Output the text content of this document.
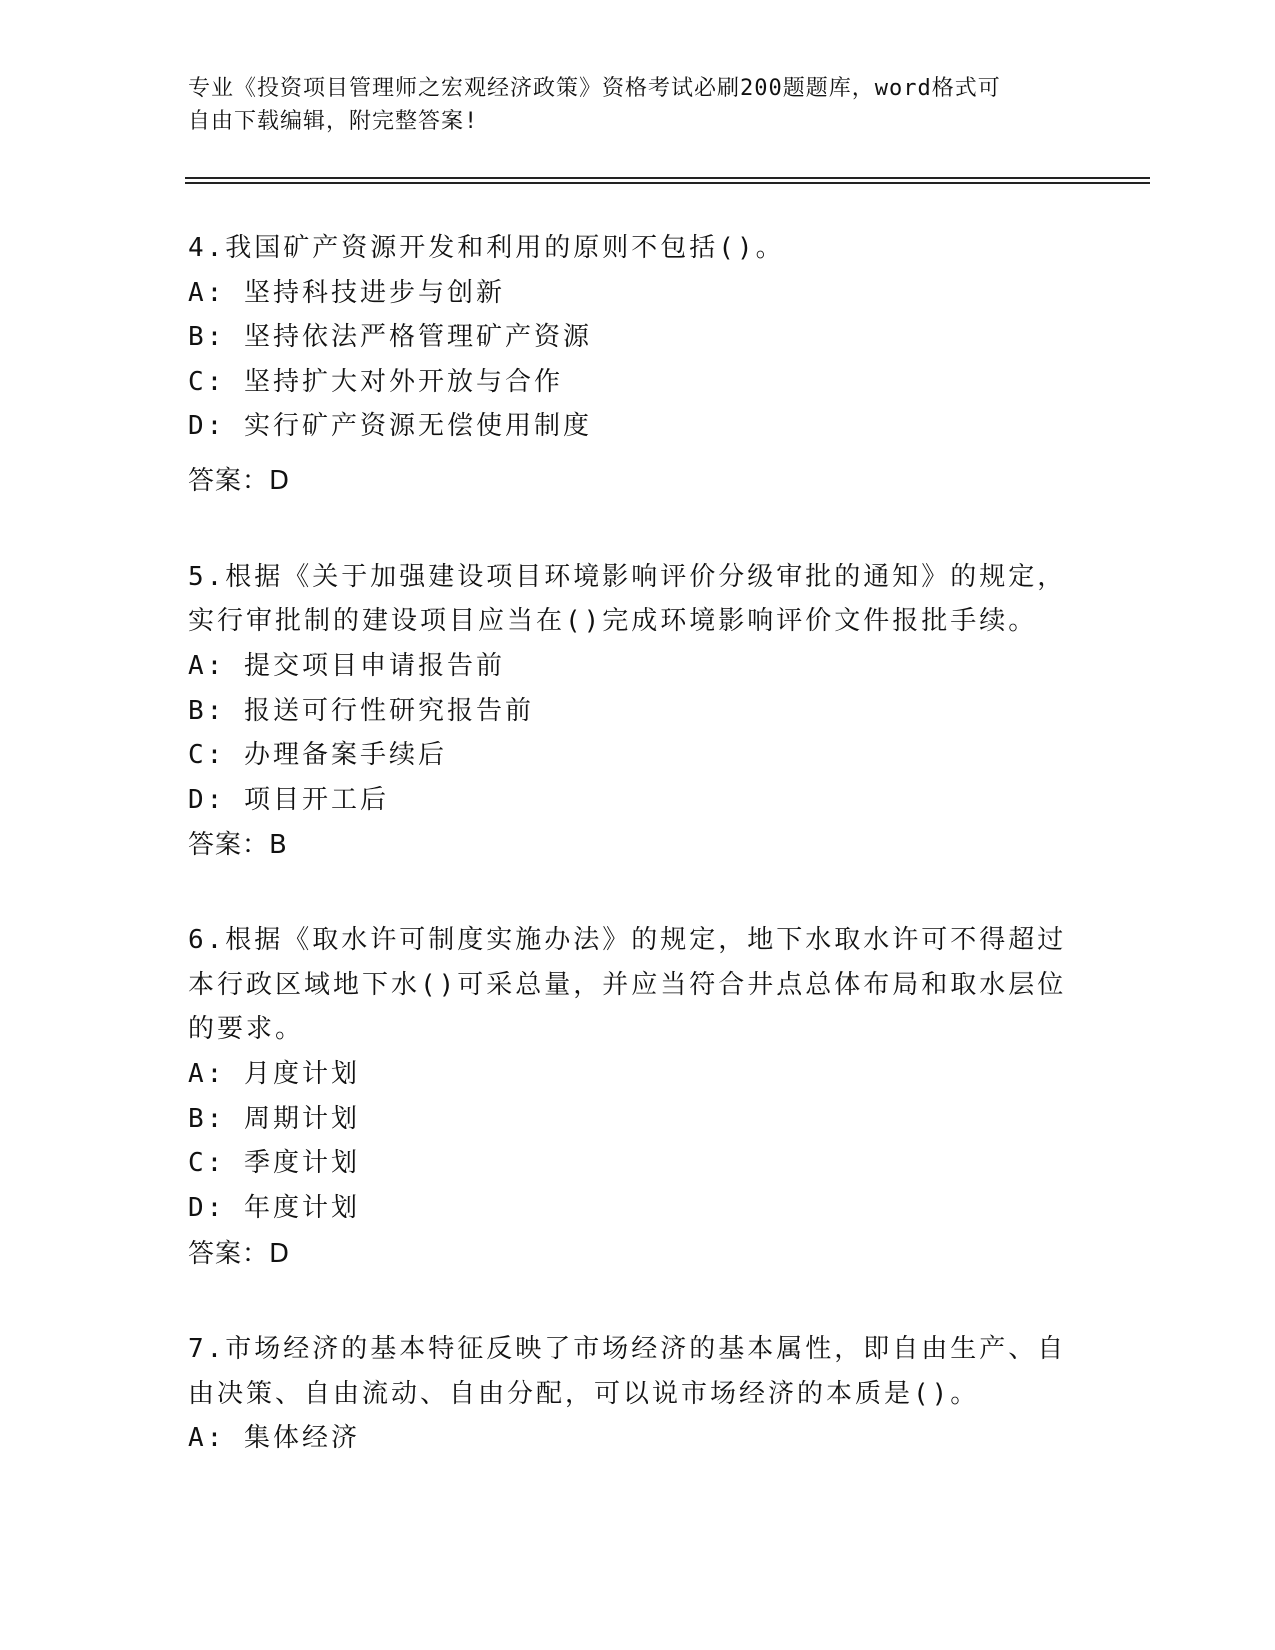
专业《投资项目管理师之宏观经济政策》资格考试必刷200题题库，word格式可
自由下载编辑，附完整答案!
4.我国矿产资源开发和利用的原则不包括()。
A: 坚持科技进步与创新
B: 坚持依法严格管理矿产资源
C: 坚持扩大对外开放与合作
D: 实行矿产资源无偿使用制度
答案：D
5.根据《关于加强建设项目环境影响评价分级审批的通知》的规定，
实行审批制的建设项目应当在()完成环境影响评价文件报批手续。
A: 提交项目申请报告前
B: 报送可行性研究报告前
C: 办理备案手续后
D: 项目开工后
答案：B
6.根据《取水许可制度实施办法》的规定，地下水取水许可不得超过
本行政区域地下水()可采总量，并应当符合井点总体布局和取水层位
的要求。
A: 月度计划
B: 周期计划
C: 季度计划
D: 年度计划
答案：D
7.市场经济的基本特征反映了市场经济的基本属性，即自由生产、自
由决策、自由流动、自由分配，可以说市场经济的本质是()。
A: 集体经济
